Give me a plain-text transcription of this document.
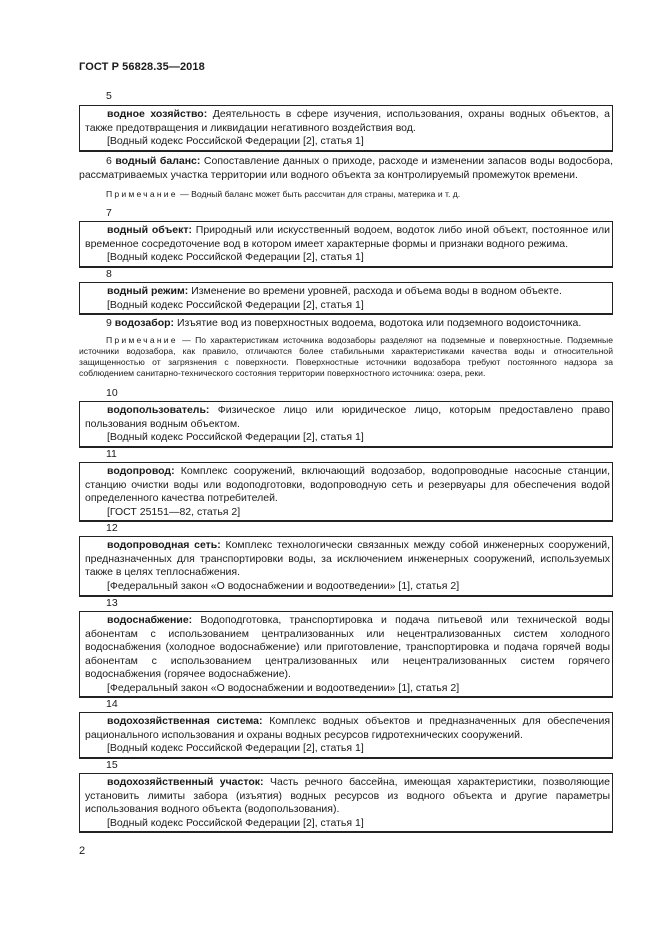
ГОСТ Р 56828.35—2018
5

водное хозяйство: Деятельность в сфере изучения, использования, охраны водных объектов, а также предотвращения и ликвидации негативного воздействия вод.

[Водный кодекс Российской Федерации [2], статья 1]

6 водный баланс: Сопоставление данных о приходе, расходе и изменении запасов воды водосбора, рассматриваемых участка территории или водного объекта за контролируемый промежуток времени.

Примечание — Водный баланс может быть рассчитан для страны, материка и т. д.

7

водный объект: Природный или искусственный водоем, водоток либо иной объект, постоянное или временное сосредоточение вод в котором имеет характерные формы и признаки водного режима.

[Водный кодекс Российской Федерации [2], статья 1]

8

водный режим: Изменение во времени уровней, расхода и объема воды в водном объекте.

[Водный кодекс Российской Федерации [2], статья 1]

9 водозабор: Изъятие вод из поверхностных водоема, водотока или подземного водоисточника.

Примечание — По характеристикам источника водозаборы разделяют на подземные и поверхностные. Подземные источники водозабора, как правило, отличаются более стабильными характеристиками качества воды и относительной защищенностью от загрязнения с поверхности. Поверхностные источники водозабора требуют постоянного надзора за соблюдением санитарно-технического состояния территории поверхностного источника: озера, реки.

10

водопользователь: Физическое лицо или юридическое лицо, которым предоставлено право пользования водным объектом.

[Водный кодекс Российской Федерации [2], статья 1]

11

водопровод: Комплекс сооружений, включающий водозабор, водопроводные насосные станции, станцию очистки воды или водоподготовки, водопроводную сеть и резервуары для обеспечения водой определенного качества потребителей.

[ГОСТ 25151—82, статья 2]

12

водопроводная сеть: Комплекс технологически связанных между собой инженерных сооружений, предназначенных для транспортировки воды, за исключением инженерных сооружений, используемых также в целях теплоснабжения.

[Федеральный закон «О водоснабжении и водоотведении» [1], статья 2]

13

водоснабжение: Водоподготовка, транспортировка и подача питьевой или технической воды абонентам с использованием централизованных или нецентрализованных систем холодного водоснабжения (холодное водоснабжение) или приготовление, транспортировка и подача горячей воды абонентам с использованием централизованных или нецентрализованных систем горячего водоснабжения (горячее водоснабжение).

[Федеральный закон «О водоснабжении и водоотведении» [1], статья 2]

14

водохозяйственная система: Комплекс водных объектов и предназначенных для обеспечения рационального использования и охраны водных ресурсов гидротехнических сооружений.

[Водный кодекс Российской Федерации [2], статья 1]

15

водохозяйственный участок: Часть речного бассейна, имеющая характеристики, позволяющие установить лимиты забора (изъятия) водных ресурсов из водного объекта и другие параметры использования водного объекта (водопользования).

[Водный кодекс Российской Федерации [2], статья 1]

2
